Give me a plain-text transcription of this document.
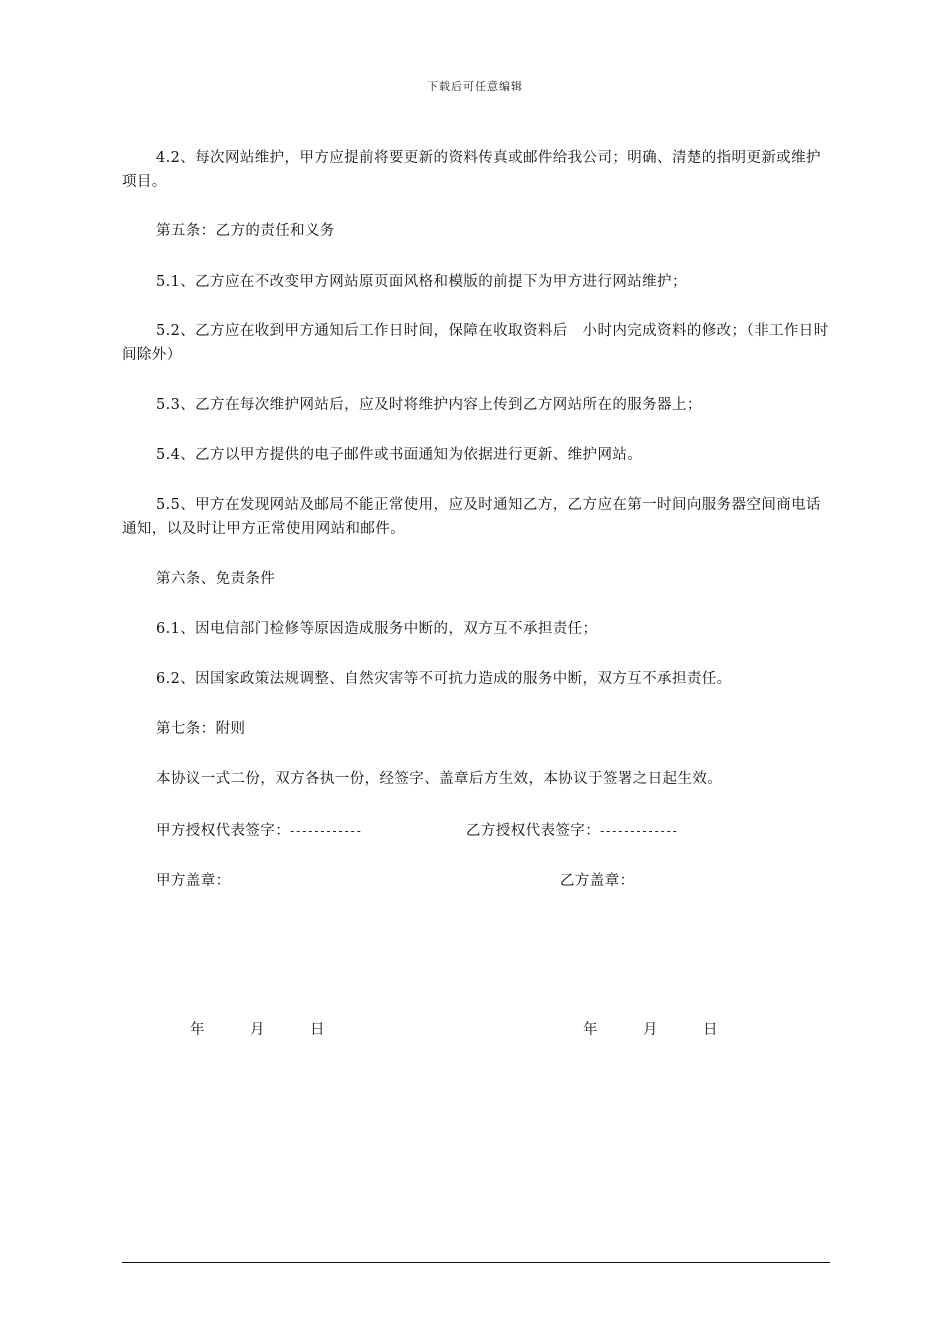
下载后可任意编辑
4.2、每次网站维护，甲方应提前将要更新的资料传真或邮件给我公司；明确、清楚的指明更新或维护项目。
第五条：乙方的责任和义务
5.1、乙方应在不改变甲方网站原页面风格和模版的前提下为甲方进行网站维护；
5.2、乙方应在收到甲方通知后工作日时间，保障在收取资料后　小时内完成资料的修改；（非工作日时间除外）
5.3、乙方在每次维护网站后，应及时将维护内容上传到乙方网站所在的服务器上；
5.4、乙方以甲方提供的电子邮件或书面通知为依据进行更新、维护网站。
5.5、甲方在发现网站及邮局不能正常使用，应及时通知乙方，乙方应在第一时间向服务器空间商电话通知，以及时让甲方正常使用网站和邮件。
第六条、免责条件
6.1、因电信部门检修等原因造成服务中断的，双方互不承担责任；
6.2、因国家政策法规调整、自然灾害等不可抗力造成的服务中断，双方互不承担责任。
第七条：附则
本协议一式二份，双方各执一份，经签字、盖章后方生效，本协议于签署之日起生效。
甲方授权代表签字：------------	乙方授权代表签字：-------------
甲方盖章：	乙方盖章：
年	月	日	年	月	日
